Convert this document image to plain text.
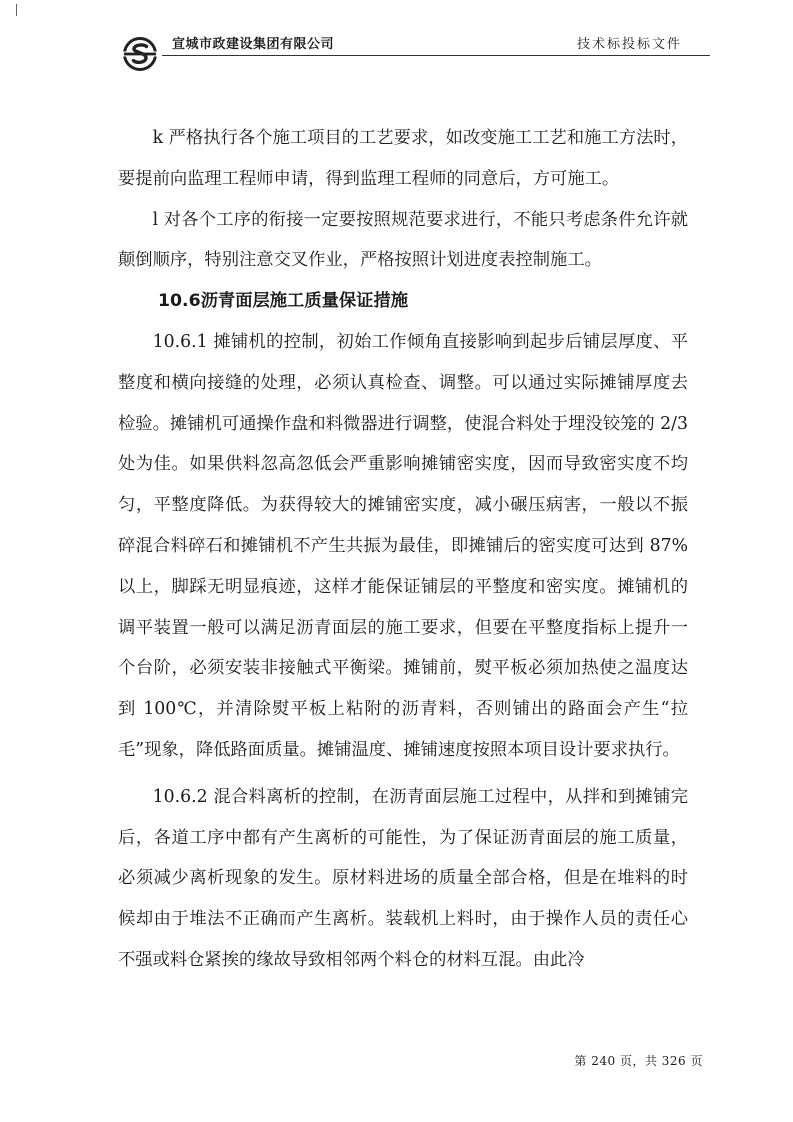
宣城市政建设集团有限公司	技术标投标文件

k 严格执行各个施工项目的工艺要求，如改变施工工艺和施工方法时，要提前向监理工程师申请，得到监理工程师的同意后，方可施工。

l 对各个工序的衔接一定要按照规范要求进行，不能只考虑条件允许就颠倒顺序，特别注意交叉作业，严格按照计划进度表控制施工。

10.6沥青面层施工质量保证措施

10.6.1 摊铺机的控制，初始工作倾角直接影响到起步后铺层厚度、平整度和横向接缝的处理，必须认真检查、调整。可以通过实际摊铺厚度去检验。摊铺机可通操作盘和料微器进行调整，使混合料处于埋没铰笼的 2/3 处为佳。如果供料忽高忽低会严重影响摊铺密实度，因而导致密实度不均匀，平整度降低。为获得较大的摊铺密实度，减小碾压病害，一般以不振碎混合料碎石和摊铺机不产生共振为最佳，即摊铺后的密实度可达到 87%以上，脚踩无明显痕迹，这样才能保证铺层的平整度和密实度。摊铺机的调平装置一般可以满足沥青面层的施工要求，但要在平整度指标上提升一个台阶，必须安装非接触式平衡梁。摊铺前，熨平板必须加热使之温度达到 100℃，并清除熨平板上粘附的沥青料，否则铺出的路面会产生“拉毛”现象，降低路面质量。摊铺温度、摊铺速度按照本项目设计要求执行。

10.6.2 混合料离析的控制，在沥青面层施工过程中，从拌和到摊铺完后，各道工序中都有产生离析的可能性，为了保证沥青面层的施工质量，必须减少离析现象的发生。原材料进场的质量全部合格，但是在堆料的时候却由于堆法不正确而产生离析。装载机上料时，由于操作人员的责任心不强或料仓紧挨的缘故导致相邻两个料仓的材料互混。由此冷

第 240 页，共 326 页
